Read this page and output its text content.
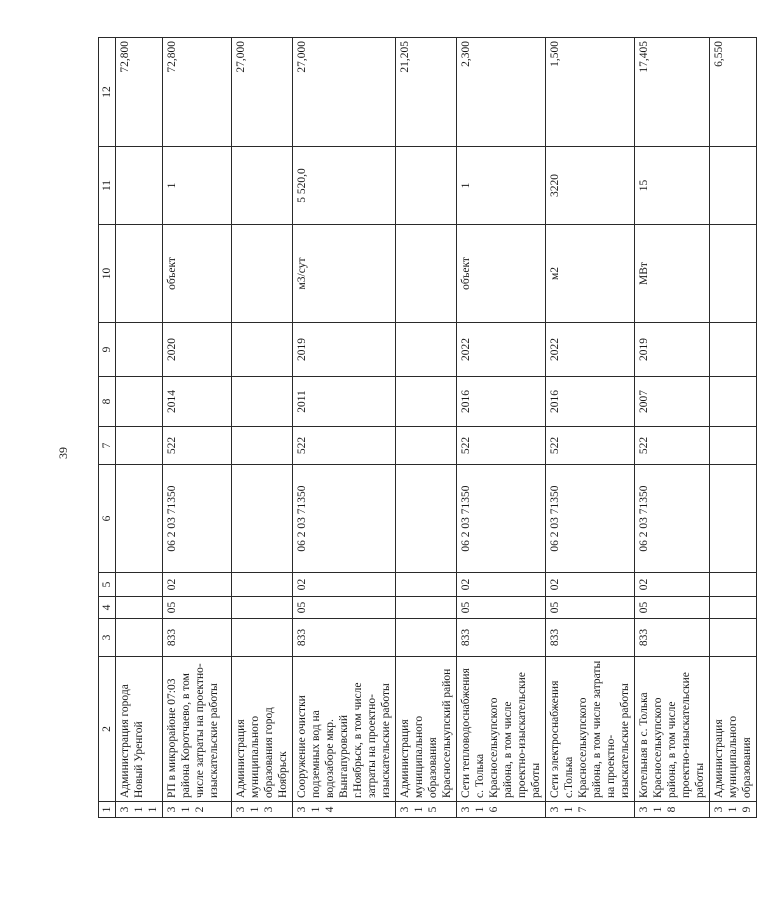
39
1	2	3	4	5	6	7	8	9	10	11	12
311	Администрация города Новый Уренгой										72,800
312	РП в микрорайоне 07:03 района Коротчаево, в том числе затраты на проектно-изыскательские работы	833	05	02	06 2 03 71350	522	2014	2020	объект	1	72,800
313	Администрация муниципального образования город Ноябрьск										27,000
314	Сооружение очистки подземных вод на водозаборе мкр. Вынгапуровский г.Ноябрьск, в том числе затраты на проектно-изыскательские работы	833	05	02	06 2 03 71350	522	2011	2019	м3/сут	5 520,0	27,000
315	Администрация муниципального образования Красноселькупский район										21,205
316	Сети тепловодоснабжения с. Толька Красноселькупского района, в том числе проектно-изыскательские работы	833	05	02	06 2 03 71350	522	2016	2022	объект	1	2,300
317	Сети электроснабжения с.Толька Красноселькупского района, в том числе затраты на проектно-изыскательские работы	833	05	02	06 2 03 71350	522	2016	2022	м2	3220	1,500
318	Котельная в с. Толька Красноселькупского района, в том числе проектно-изыскательские работы	833	05	02	06 2 03 71350	522	2007	2019	МВт	15	17,405
319	Администрация муниципального образования										6,550
